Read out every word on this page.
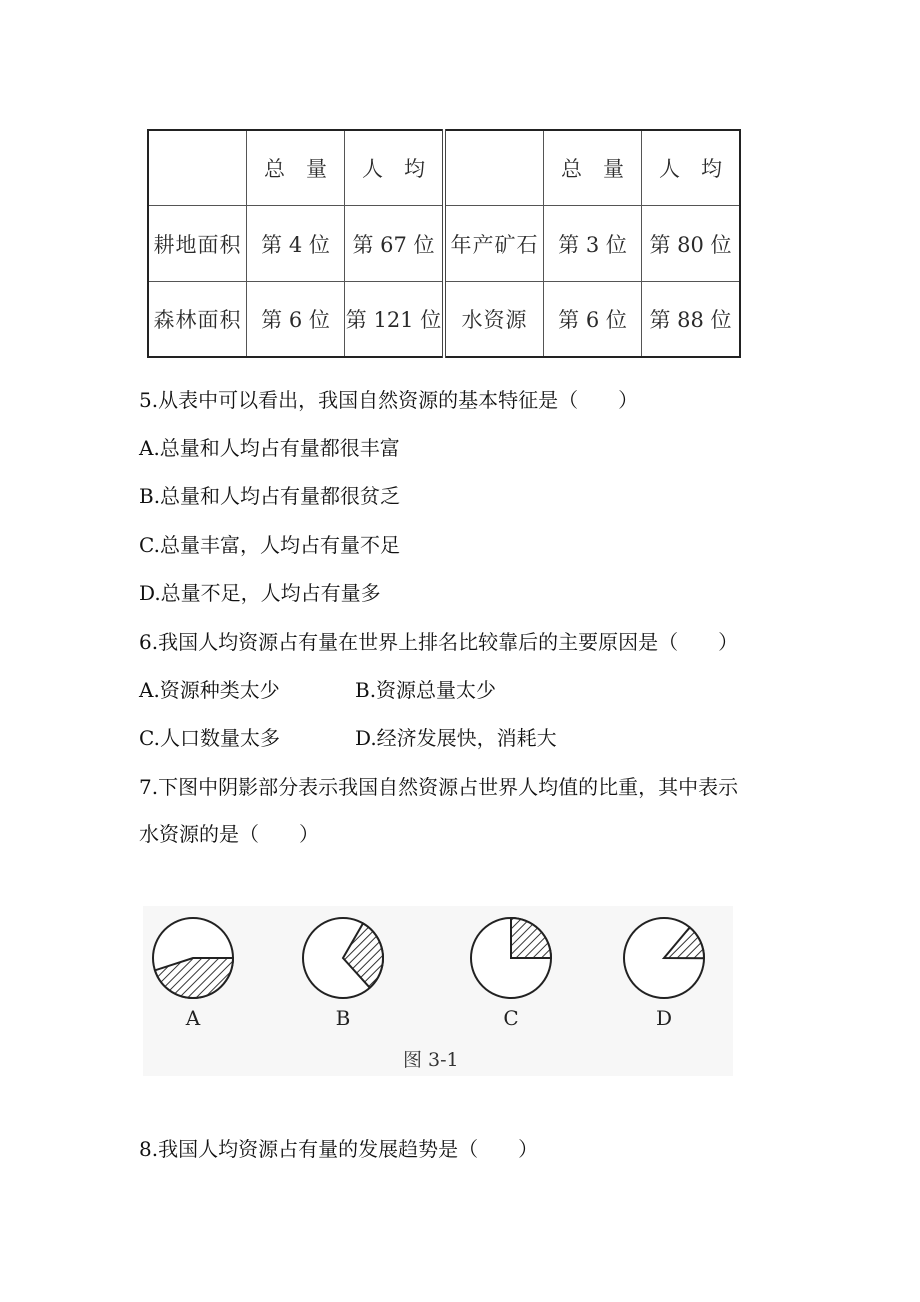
	总　量	人　均		总　量	人　均
耕地面积	第 4 位	第 67 位	年产矿石	第 3 位	第 80 位
森林面积	第 6 位	第 121 位	水资源	第 6 位	第 88 位
5.从表中可以看出，我国自然资源的基本特征是（　　）
A.总量和人均占有量都很丰富
B.总量和人均占有量都很贫乏
C.总量丰富，人均占有量不足
D.总量不足，人均占有量多
6.我国人均资源占有量在世界上排名比较靠后的主要原因是（　　）
A.资源种类太少	B.资源总量太少
C.人口数量太多	D.经济发展快，消耗大
7.下图中阴影部分表示我国自然资源占世界人均值的比重，其中表示
水资源的是（　　）
A	B	C	D
图 3-1
8.我国人均资源占有量的发展趋势是（　　）
